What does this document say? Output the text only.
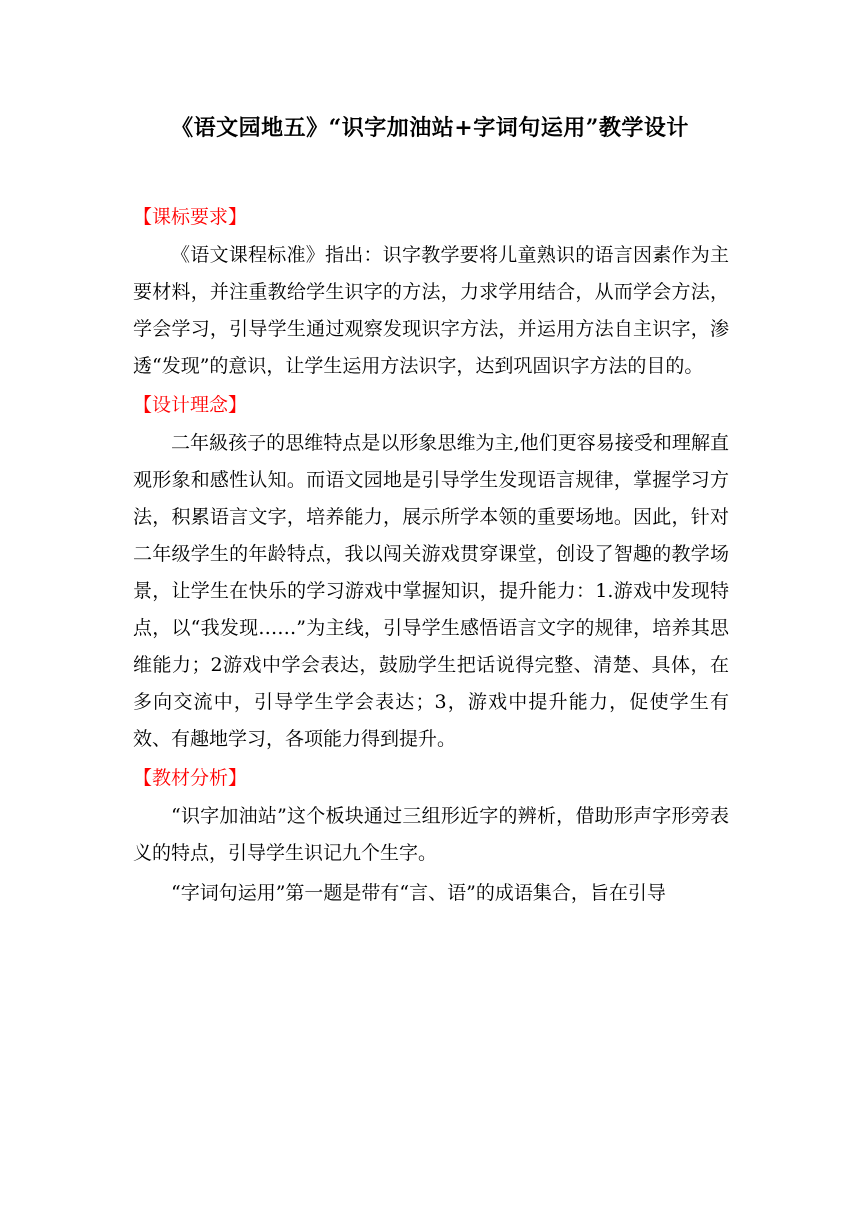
《语文园地五》“识字加油站+字词句运用”教学设计
【课标要求】
《语文课程标准》指出：识字教学要将儿童熟识的语言因素作为主要材料，并注重教给学生识字的方法，力求学用结合，从而学会方法，学会学习，引导学生通过观察发现识字方法，并运用方法自主识字，渗透“发现”的意识，让学生运用方法识字，达到巩固识字方法的目的。
【设计理念】
二年級孩子的思维特点是以形象思维为主,他们更容易接受和理解直观形象和感性认知。而语文园地是引导学生发现语言规律，掌握学习方法，积累语言文字，培养能力，展示所学本领的重要场地。因此，针对二年级学生的年龄特点，我以闯关游戏贯穿课堂，创设了智趣的教学场景，让学生在快乐的学习游戏中掌握知识，提升能力：1.游戏中发现特点，以“我发现……”为主线，引导学生感悟语言文字的规律，培养其思维能力；2游戏中学会表达，鼓励学生把话说得完整、清楚、具体，在多向交流中，引导学生学会表达；3，游戏中提升能力，促使学生有效、有趣地学习，各项能力得到提升。
【教材分析】
“识字加油站”这个板块通过三组形近字的辨析，借助形声字形旁表义的特点，引导学生识记九个生字。
“字词句运用”第一题是带有“言、语”的成语集合，旨在引导
